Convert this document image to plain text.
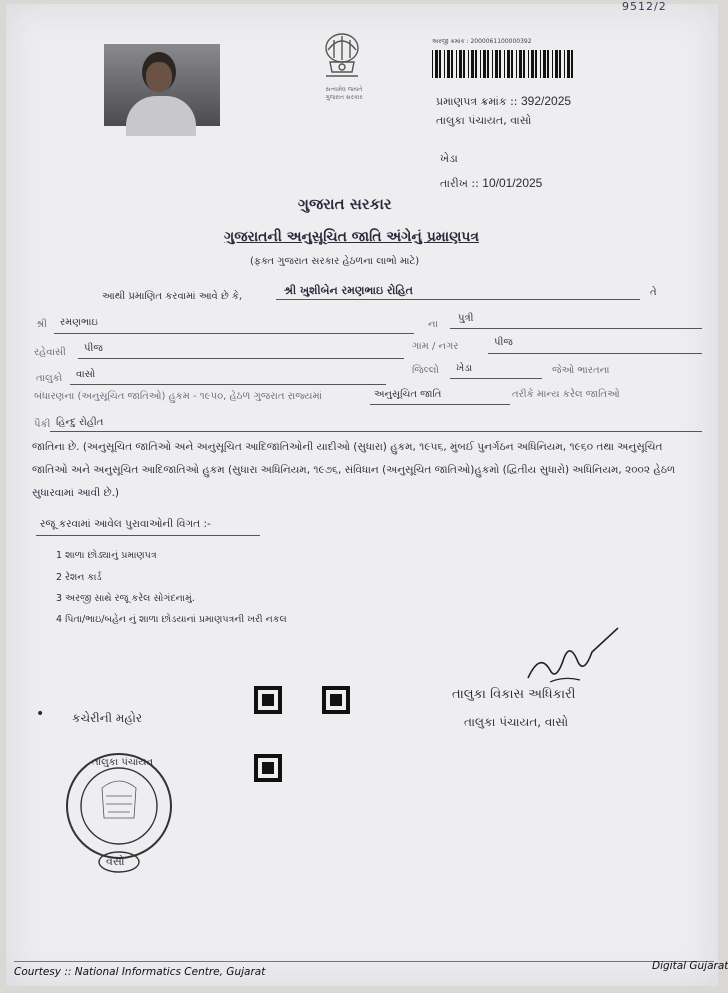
9512/2
સત્યમેવ જયતે
ગુજરાત સરકાર
અરજી ક્રમાંક : 2000061100000392
પ્રમાણપત્ર ક્રમાંક :: 392/2025
તાલુકા પંચાયત, વાસો
ખેડા
તારીખ :: 10/01/2025
ગુજરાત સરકાર
ગુજરાતની અનુસૂચિત જાતિ અંગેનું પ્રમાણપત્ર
(ફક્ત ગુજરાત સરકાર હેઠળના લાભો માટે)
આથી પ્રમાણિત કરવામાં આવે છે કે,	શ્રી ખુશીબેન રમણભાઇ રોહિત	તે
શ્રી રમણભાઇ	ના
પુત્રી
રહેવાસી પીજ	ગામ / નગર	પીજ
તાલુકો વાસો	જિલ્લો ખેડા	જેઓ ભારતના
બંધારણના (અનુસૂચિત જાતિઓ) હુકમ - ૧૯૫૦, હેઠળ ગુજરાત રાજ્યમાં	અનુસૂચિત જાતિ	તરીકે માન્ય કરેલ જાતિઓ
પૈકી હિન્દુ રોહીત
જાતિના છે. (અનુસૂચિત જાતિઓ અને અનુસૂચિત આદિજાતિઓની યાદીઓ (સુધારા) હુકમ, ૧૯૫૬, મુંબઈ પુનર્ગઠન અધિનિયમ, ૧૯૬૦ તથા અનુસૂચિત જાતિઓ અને અનુસૂચિત આદિજાતિઓ હુકમ (સુધારા અધિનિયમ, ૧૯૭૬, સંવિધાન (અનુસૂચિત જાતિઓ)હુકમો (દ્વિતીય સુધારો) અધિનિયમ, ૨૦૦૨ હેઠળ સુધારવામાં આવી છે.)
રજૂ કરવામાં આવેલ પુરાવાઓની વિગત :-
1 શાળા છોડ્યાનું પ્રમાણપત્ર
2 રેશન કાર્ડ
3 અરજી સાથે રજૂ કરેલ સોગંદનામું.
4 પિતા/ભાઇ/બહેન નું શાળા છોડયાનાં પ્રમાણપત્રની ખરી નકલ
તાલુકા વિકાસ અધિકારી
તાલુકા પંચાયત, વાસો
• કચેરીની મહોર
તાલુકા પંચાયત
વસો
Courtesy :: National Informatics Centre, Gujarat	Digital Gujarat
